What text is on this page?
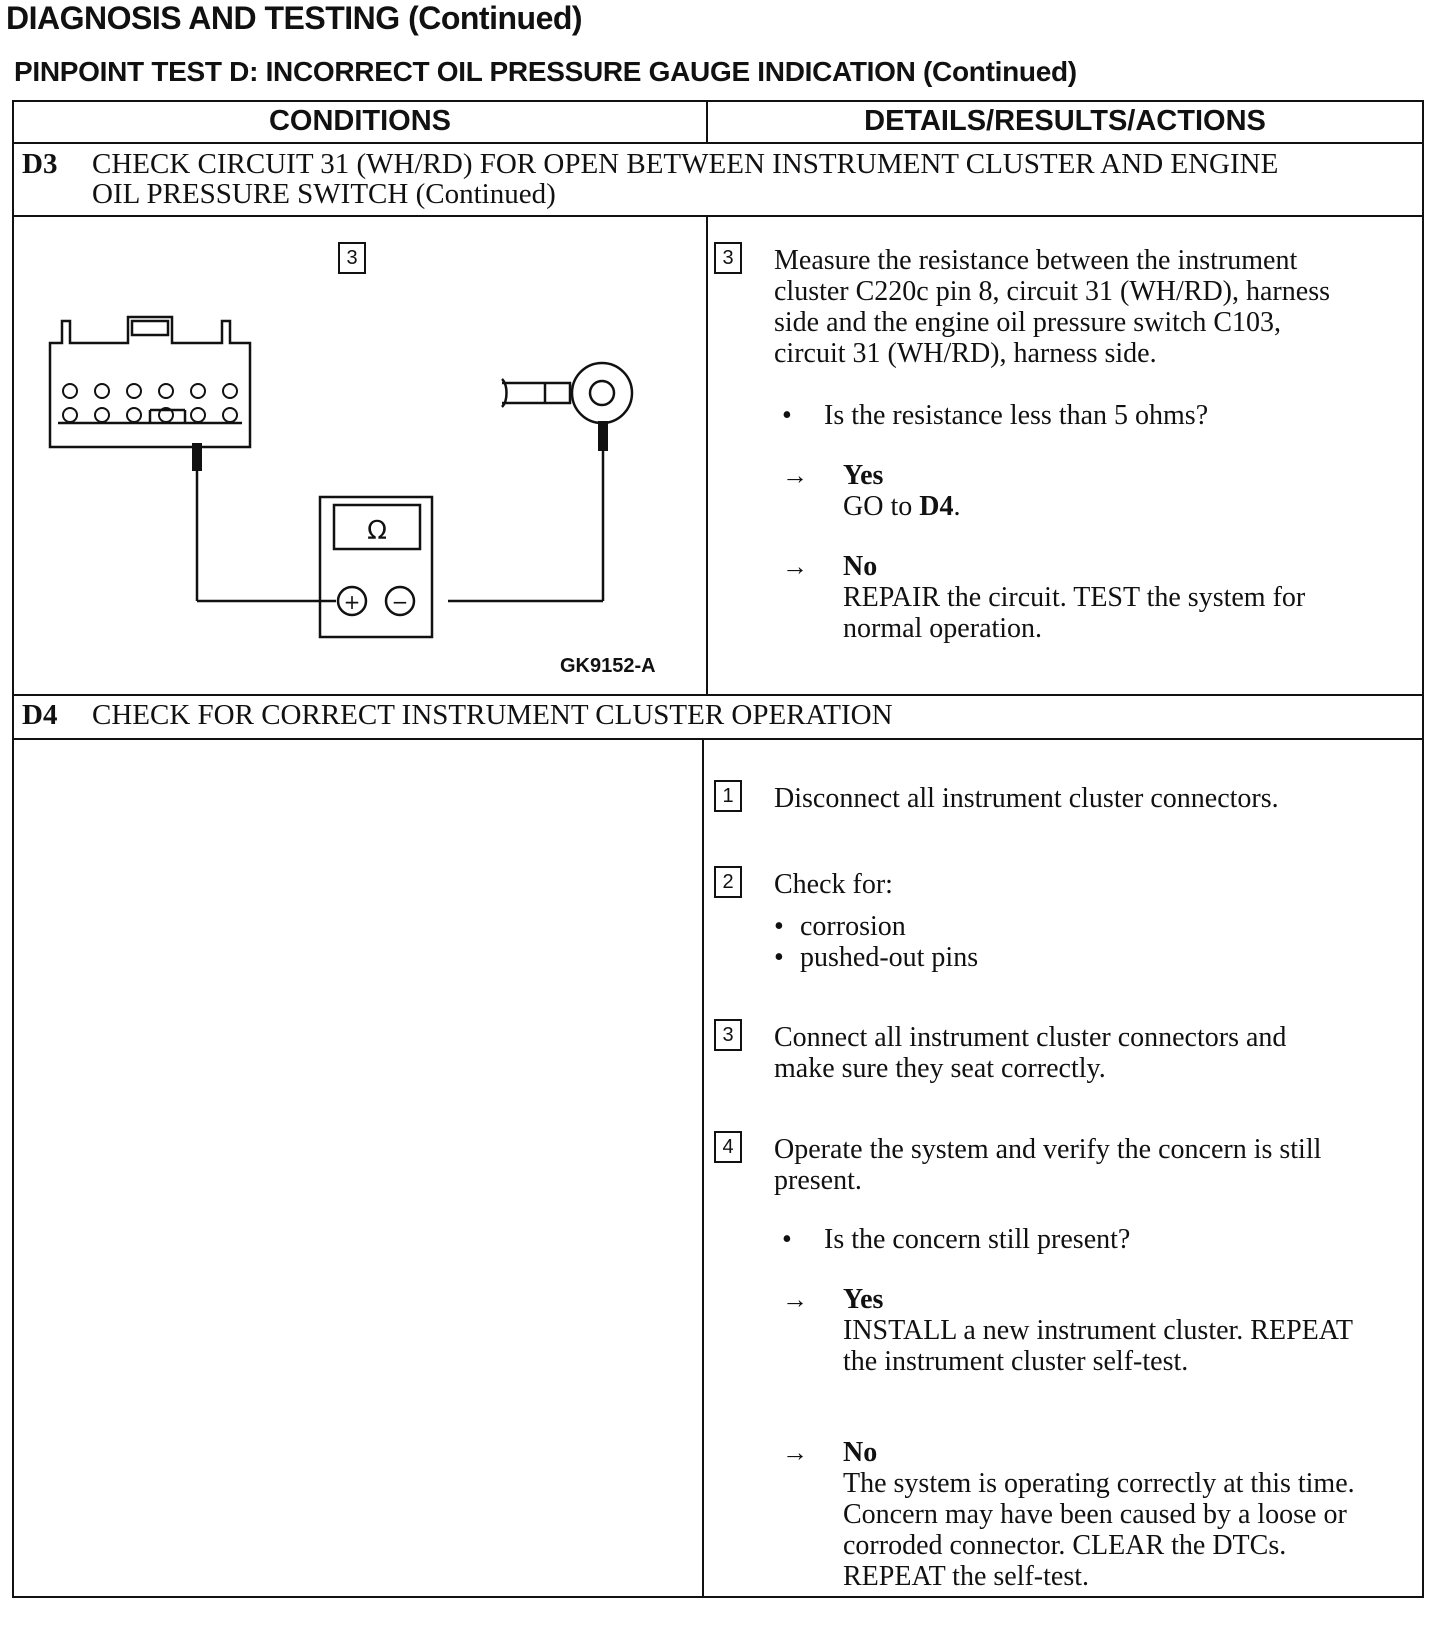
DIAGNOSIS AND TESTING (Continued)
PINPOINT TEST D: INCORRECT OIL PRESSURE GAUGE INDICATION (Continued)
CONDITIONS	DETAILS/RESULTS/ACTIONS
D3 CHECK CIRCUIT 31 (WH/RD) FOR OPEN BETWEEN INSTRUMENT CLUSTER AND ENGINE
OIL PRESSURE SWITCH (Continued)
3
Ω
+ −
GK9152-A
3	Measure the resistance between the instrument
cluster C220c pin 8, circuit 31 (WH/RD), harness
side and the engine oil pressure switch C103,
circuit 31 (WH/RD), harness side.
• Is the resistance less than 5 ohms?
→ Yes
GO to D4.
→ No
REPAIR the circuit. TEST the system for
normal operation.
D4 CHECK FOR CORRECT INSTRUMENT CLUSTER OPERATION
1	Disconnect all instrument cluster connectors.
2	Check for:
• corrosion
• pushed-out pins
3	Connect all instrument cluster connectors and
make sure they seat correctly.
4	Operate the system and verify the concern is still
present.
• Is the concern still present?
→ Yes
INSTALL a new instrument cluster. REPEAT
the instrument cluster self-test.
→ No
The system is operating correctly at this time.
Concern may have been caused by a loose or
corroded connector. CLEAR the DTCs.
REPEAT the self-test.
